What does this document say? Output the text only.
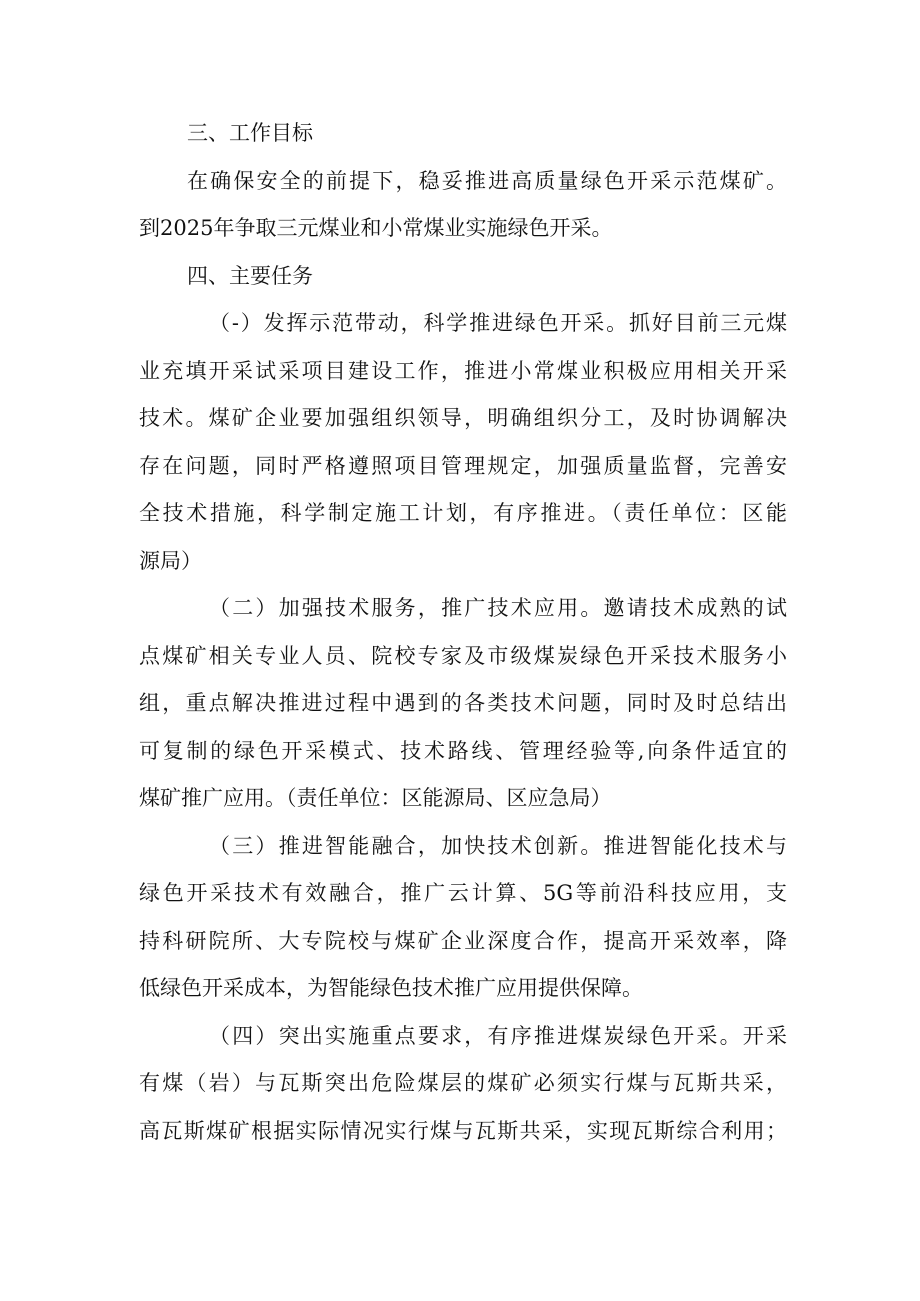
三、工作目标
在确保安全的前提下，稳妥推进高质量绿色开采示范煤矿。
到2025年争取三元煤业和小常煤业实施绿色开采。
四、主要任务
（-）发挥示范带动，科学推进绿色开采。抓好目前三元煤
业充填开采试采项目建设工作，推进小常煤业积极应用相关开采
技术。煤矿企业要加强组织领导，明确组织分工，及时协调解决
存在问题，同时严格遵照项目管理规定，加强质量监督，完善安
全技术措施，科学制定施工计划，有序推进。（责任单位：区能
源局）
（二）加强技术服务，推广技术应用。邀请技术成熟的试
点煤矿相关专业人员、院校专家及市级煤炭绿色开采技术服务小
组，重点解决推进过程中遇到的各类技术问题，同时及时总结出
可复制的绿色开采模式、技术路线、管理经验等,向条件适宜的
煤矿推广应用。（责任单位：区能源局、区应急局）
（三）推进智能融合，加快技术创新。推进智能化技术与
绿色开采技术有效融合，推广云计算、5G等前沿科技应用，支
持科研院所、大专院校与煤矿企业深度合作，提高开采效率，降
低绿色开采成本，为智能绿色技术推广应用提供保障。
（四）突出实施重点要求，有序推进煤炭绿色开采。开采
有煤（岩）与瓦斯突出危险煤层的煤矿必须实行煤与瓦斯共采，
高瓦斯煤矿根据实际情况实行煤与瓦斯共采，实现瓦斯综合利用；
